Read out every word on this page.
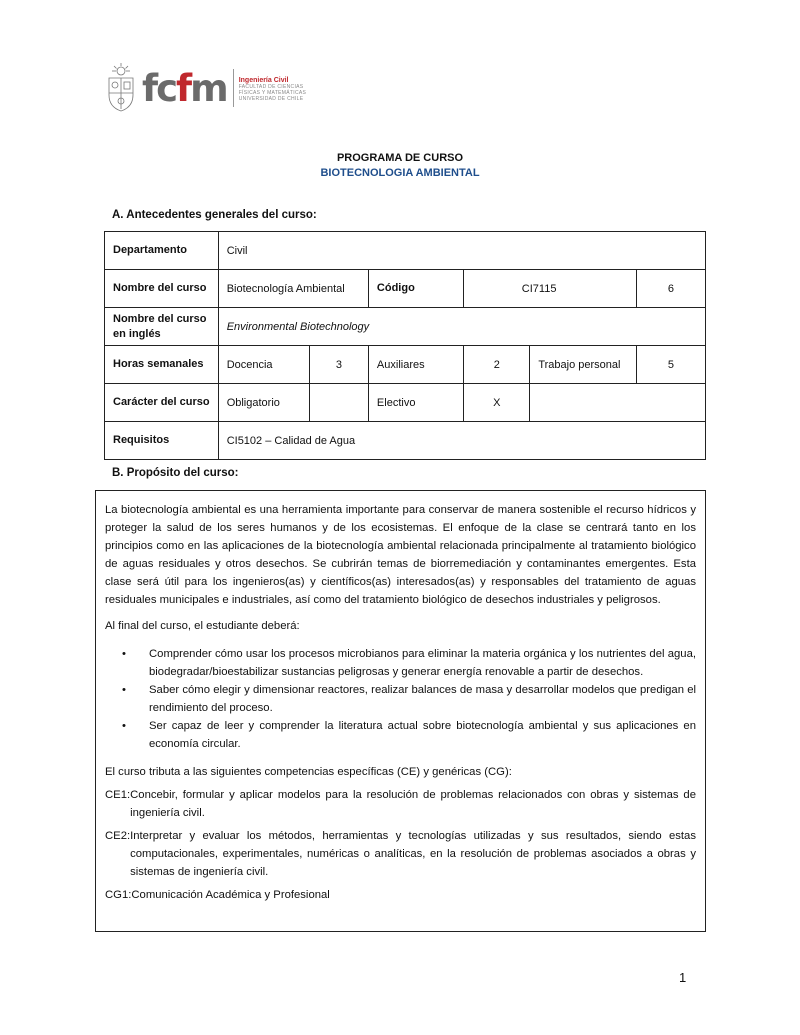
fcfm Ingeniería Civil
FACULTAD DE CIENCIAS
FÍSICAS Y MATEMÁTICAS
UNIVERSIDAD DE CHILE
PROGRAMA DE CURSO
BIOTECNOLOGIA AMBIENTAL
A. Antecedentes generales del curso:
Departamento	Civil					
Nombre del curso	Biotecnología Ambiental		Código	CI7115		6
Nombre del curso en inglés	Environmental Biotechnology					
Horas semanales	Docencia	3	Auxiliares	2	Trabajo personal	5
Carácter del curso	Obligatorio		Electivo	X		
Requisitos	CI5102 – Calidad de Agua					
B. Propósito del curso:

La biotecnología ambiental es una herramienta importante para conservar de manera sostenible el recurso hídricos y proteger la salud de los seres humanos y de los ecosistemas. El enfoque de la clase se centrará tanto en los principios como en las aplicaciones de la biotecnología ambiental relacionada principalmente al tratamiento biológico de aguas residuales y otros desechos. Se cubrirán temas de biorremediación y contaminantes emergentes. Esta clase será útil para los ingenieros(as) y científicos(as) interesados(as) y responsables del tratamiento de aguas residuales municipales e industriales, así como del tratamiento biológico de desechos industriales y peligrosos.

Al final del curso, el estudiante deberá:

• Comprender cómo usar los procesos microbianos para eliminar la materia orgánica y los nutrientes del agua, biodegradar/bioestabilizar sustancias peligrosas y generar energía renovable a partir de desechos.
• Saber cómo elegir y dimensionar reactores, realizar balances de masa y desarrollar modelos que predigan el rendimiento del proceso.
• Ser capaz de leer y comprender la literatura actual sobre biotecnología ambiental y sus aplicaciones en economía circular.

El curso tributa a las siguientes competencias específicas (CE) y genéricas (CG):

CE1: Concebir, formular y aplicar modelos para la resolución de problemas relacionados con obras y sistemas de ingeniería civil.
CE2: Interpretar y evaluar los métodos, herramientas y tecnologías utilizadas y sus resultados, siendo estas computacionales, experimentales, numéricas o analíticas, en la resolución de problemas asociados a obras y sistemas de ingeniería civil.
CG1: Comunicación Académica y Profesional
1
